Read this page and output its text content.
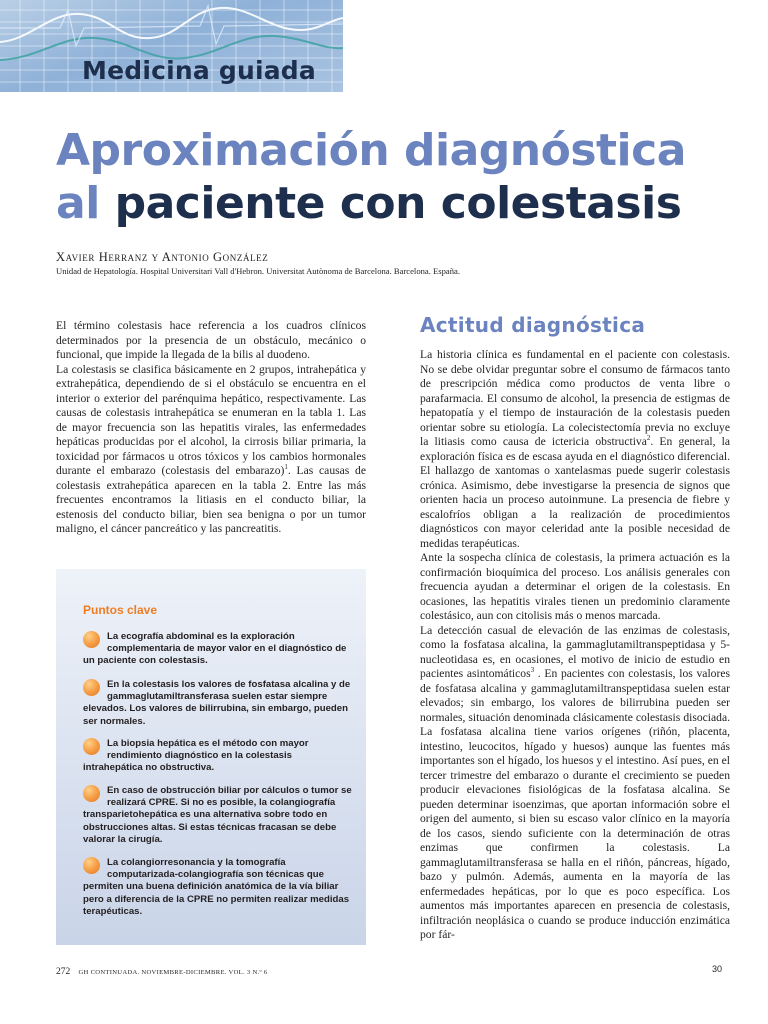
Medicina guiada
Aproximación diagnóstica
al paciente con colestasis

Xavier Herranz y Antonio González

Unidad de Hepatología. Hospital Universitari Vall d'Hebron. Universitat Autònoma de Barcelona. Barcelona. España.

El término colestasis hace referencia a los cuadros clínicos determinados por la presencia de un obstáculo, mecánico o funcional, que impide la llegada de la bilis al duodeno.

La colestasis se clasifica básicamente en 2 grupos, intrahepática y extrahepática, dependiendo de si el obstáculo se encuentra en el interior o exterior del parénquima hepático, respectivamente. Las causas de colestasis intrahepática se enumeran en la tabla 1. Las de mayor frecuencia son las hepatitis virales, las enfermedades hepáticas producidas por el alcohol, la cirrosis biliar primaria, la toxicidad por fármacos u otros tóxicos y los cambios hormonales durante el embarazo (colestasis del embarazo)$^1$. Las causas de colestasis extrahepática aparecen en la tabla 2. Entre las más frecuentes encontramos la litiasis en el conducto biliar, la estenosis del conducto biliar, bien sea benigna o por un tumor maligno, el cáncer pancreático y las pancreatitis.

Puntos clave

La ecografía abdominal es la exploración complementaria de mayor valor en el diagnóstico de un paciente con colestasis.
En la colestasis los valores de fosfatasa alcalina y de gammaglutamiltransferasa suelen estar siempre elevados. Los valores de bilirrubina, sin embargo, pueden ser normales.
La biopsia hepática es el método con mayor rendimiento diagnóstico en la colestasis intrahepática no obstructiva.
En caso de obstrucción biliar por cálculos o tumor se realizará CPRE. Si no es posible, la colangiografía transparietohepática es una alternativa sobre todo en obstrucciones altas. Si estas técnicas fracasan se debe valorar la cirugía.
La colangiorresonancia y la tomografía computarizada-colangiografía son técnicas que permiten una buena definición anatómica de la vía biliar pero a diferencia de la CPRE no permiten realizar medidas terapéuticas.
Actitud diagnóstica

La historia clínica es fundamental en el paciente con colestasis. No se debe olvidar preguntar sobre el consumo de fármacos tanto de prescripción médica como productos de venta libre o parafarmacia. El consumo de alcohol, la presencia de estigmas de hepatopatía y el tiempo de instauración de la colestasis pueden orientar sobre su etiología. La colecistectomía previa no excluye la litiasis como causa de ictericia obstructiva$^2$. En general, la exploración física es de escasa ayuda en el diagnóstico diferencial. El hallazgo de xantomas o xantelasmas puede sugerir colestasis crónica. Asimismo, debe investigarse la presencia de signos que orienten hacia un proceso autoinmune. La presencia de fiebre y escalofríos obligan a la realización de procedimientos diagnósticos con mayor celeridad ante la posible necesidad de medidas terapéuticas.

Ante la sospecha clínica de colestasis, la primera actuación es la confirmación bioquímica del proceso. Los análisis generales con frecuencia ayudan a determinar el origen de la colestasis. En ocasiones, las hepatitis virales tienen un predominio claramente colestásico, aun con citolisis más o menos marcada.

La detección casual de elevación de las enzimas de colestasis, como la fosfatasa alcalina, la gammaglutamiltranspeptidasa y 5-nucleotidasa es, en ocasiones, el motivo de inicio de estudio en pacientes asintomáticos$^3$ . En pacientes con colestasis, los valores de fosfatasa alcalina y gammaglutamiltranspeptidasa suelen estar elevados; sin embargo, los valores de bilirrubina pueden ser normales, situación denominada clásicamente colestasis disociada. La fosfatasa alcalina tiene varios orígenes (riñón, placenta, intestino, leucocitos, hígado y huesos) aunque las fuentes más importantes son el hígado, los huesos y el intestino. Así pues, en el tercer trimestre del embarazo o durante el crecimiento se pueden producir elevaciones fisiológicas de la fosfatasa alcalina. Se pueden determinar isoenzimas, que aportan información sobre el origen del aumento, si bien su escaso valor clínico en la mayoría de los casos, siendo suficiente con la determinación de otras enzimas que confirmen la colestasis. La gammaglutamiltransferasa se halla en el riñón, páncreas, hígado, bazo y pulmón. Además, aumenta en la mayoría de las enfermedades hepáticas, por lo que es poco específica. Los aumentos más importantes aparecen en presencia de colestasis, infiltración neoplásica o cuando se produce inducción enzimática por fár-

272 GH CONTINUADA. NOVIEMBRE-DICIEMBRE. VOL. 3 N.º 6	30
